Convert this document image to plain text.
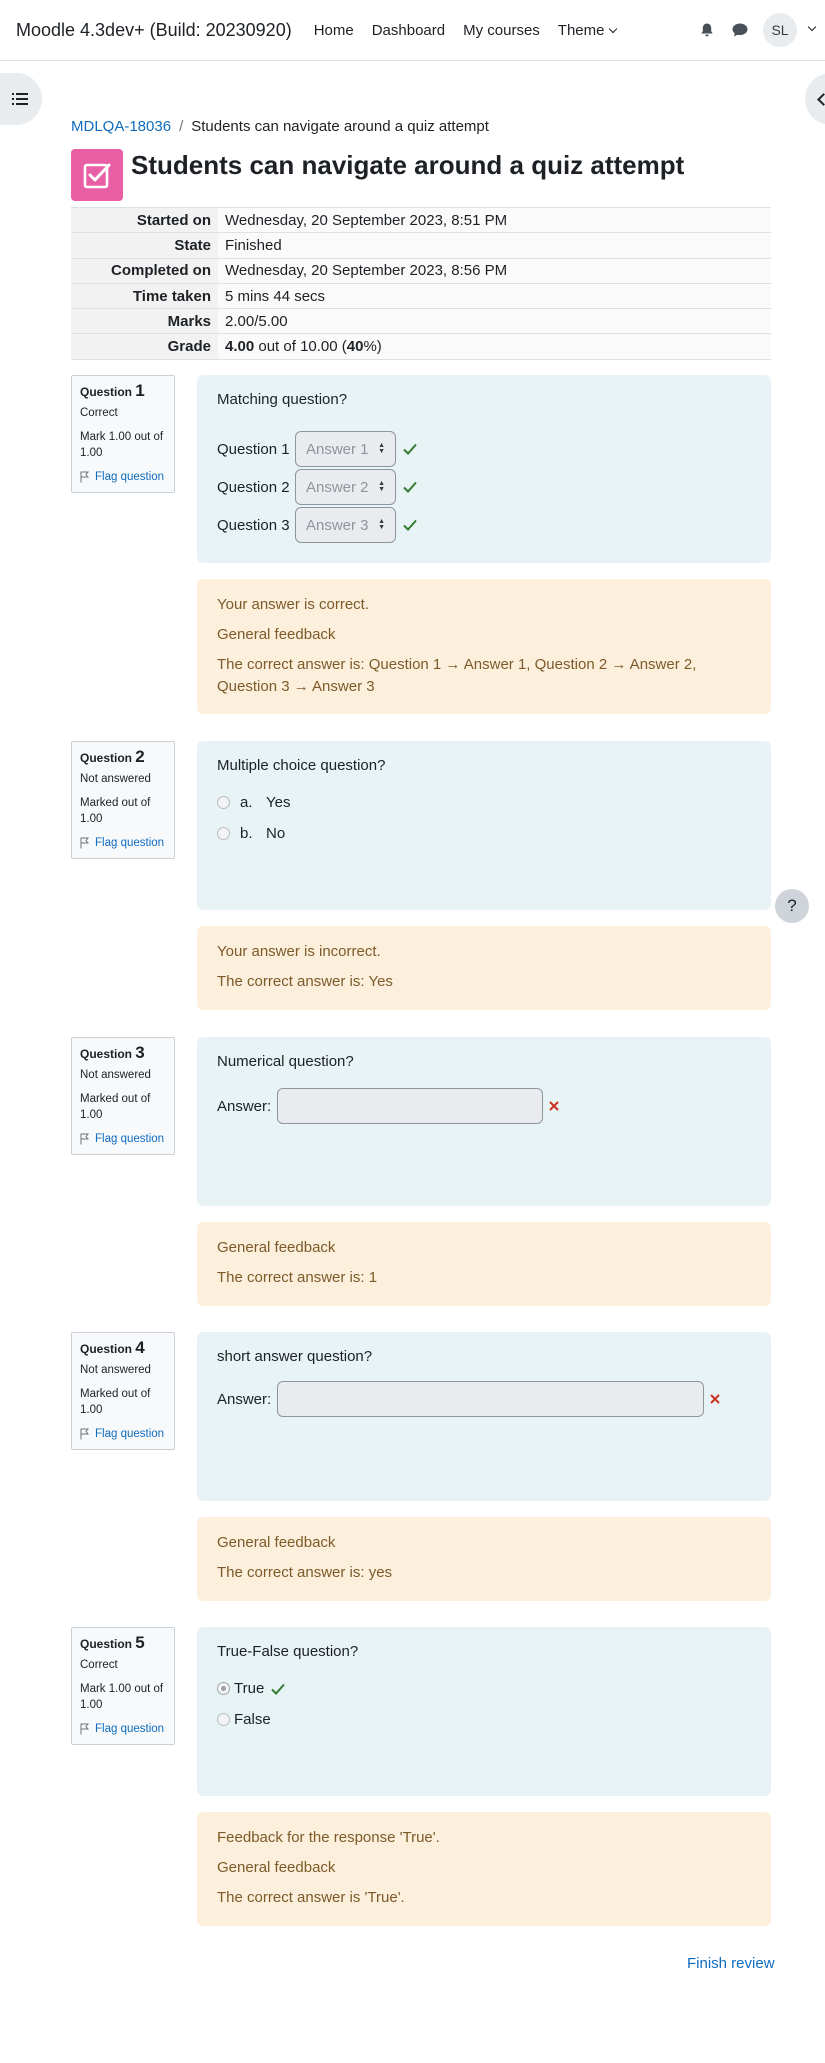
Moodle 4.3dev+ (Build: 20230920) Home Dashboard My courses Theme	SL
MDLQA-18036 / Students can navigate around a quiz attempt
Students can navigate around a quiz attempt
Started on	Wednesday, 20 September 2023, 8:51 PM
State	Finished
Completed on	Wednesday, 20 September 2023, 8:56 PM
Time taken	5 mins 44 secs
Marks	2.00/5.00
Grade	4.00 out of 10.00 (40%)
Question 1
Correct
Mark 1.00 out of 1.00
Flag question

Matching question?

Question 1	Answer 1 ▲
▼
Question 2	Answer 2 ▲
▼
Question 3	Answer 3 ▲
▼

Your answer is correct.

General feedback

The correct answer is: Question 1 → Answer 1, Question 2 → Answer 2, Question 3 → Answer 3

Question 2
Not answered
Marked out of 1.00
Flag question

Multiple choice question?

a. Yes
b. No

Your answer is incorrect.

The correct answer is: Yes

?
Question 3
Not answered
Marked out of 1.00
Flag question

Numerical question?

Answer:

General feedback

The correct answer is: 1

Question 4
Not answered
Marked out of 1.00
Flag question

short answer question?

Answer:

General feedback

The correct answer is: yes

Question 5
Correct
Mark 1.00 out of 1.00
Flag question

True-False question?

True
False

Feedback for the response 'True'.

General feedback

The correct answer is 'True'.

Finish review
